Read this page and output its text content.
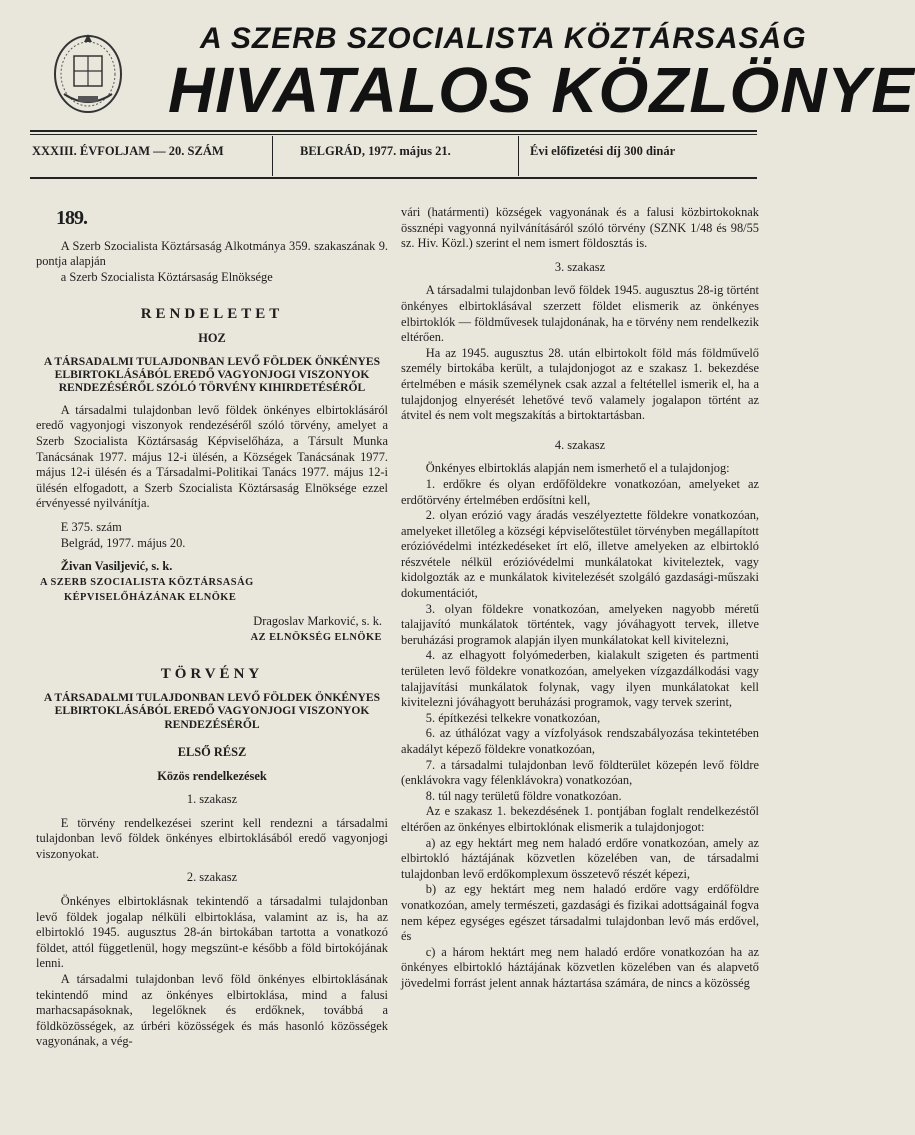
A SZERB SZOCIALISTA KÖZTÁRSASÁG
HIVATALOS KÖZLÖNYE
XXXIII. ÉVFOLJAM — 20. SZÁM	BELGRÁD, 1977. május 21.	Évi előfizetési díj 300 dinár
189.

A Szerb Szocialista Köztársaság Alkotmánya 359. szakaszának 9. pontja alapján

a Szerb Szocialista Köztársaság Elnöksége

RENDELETET

HOZ

A TÁRSADALMI TULAJDONBAN LEVŐ FÖLDEK ÖNKÉNYES ELBIRTOKLÁSÁBÓL EREDŐ VAGYONJOGI VISZONYOK RENDEZÉSÉRŐL SZÓLÓ TÖRVÉNY KIHIRDETÉSÉRŐL

A társadalmi tulajdonban levő földek önkényes elbirtoklásáról eredő vagyonjogi viszonyok rendezéséről szóló törvény, amelyet a Szerb Szocialista Köztársaság Képviselőháza, a Társult Munka Tanácsának 1977. május 12-i ülésén, a Községek Tanácsának 1977. május 12-i ülésén és a Társadalmi-Politikai Tanács 1977. május 12-i ülésén elfogadott, a Szerb Szocialista Köztársaság Elnöksége ezzel érvényessé nyilvánítja.

E 375. szám

Belgrád, 1977. május 20.

Živan Vasiljević, s. k.

A SZERB SZOCIALISTA KÖZTÁRSASÁG

KÉPVISELŐHÁZÁNAK ELNÖKE

Dragoslav Marković, s. k.

AZ ELNÖKSÉG ELNÖKE

TÖRVÉNY

A TÁRSADALMI TULAJDONBAN LEVŐ FÖLDEK ÖNKÉNYES ELBIRTOKLÁSÁBÓL EREDŐ VAGYONJOGI VISZONYOK RENDEZÉSÉRŐL

ELSŐ RÉSZ

Közös rendelkezések

1. szakasz

E törvény rendelkezései szerint kell rendezni a társadalmi tulajdonban levő földek önkényes elbirtoklásából eredő vagyonjogi viszonyokat.

2. szakasz

Önkényes elbirtoklásnak tekintendő a társadalmi tulajdonban levő földek jogalap nélküli elbirtoklása, valamint az is, ha az elbirtokló 1945. augusztus 28-án birtokában tartotta a vonatkozó földet, attól függetlenül, hogy megszünt-e később a föld birtokójának lenni.

A társadalmi tulajdonban levő föld önkényes elbirtoklásának tekintendő mind az önkényes elbirtoklása, mind a falusi marhacsapásoknak, legelőknek és erdőknek, továbbá a földközösségek, az úrbéri közösségek és más hasonló közösségek vagyonának, a vég-

vári (határmenti) községek vagyonának és a falusi közbirtokoknak össznépi vagyonná nyilvánításáról szóló törvény (SZNK 1/48 és 98/55 sz. Hiv. Közl.) szerint el nem ismert földosztás is.

3. szakasz

A társadalmi tulajdonban levő földek 1945. augusztus 28-ig történt önkényes elbirtoklásával szerzett földet elismerik az önkényes elbirtoklók — földművesek tulajdonának, ha e törvény nem rendelkezik eltérően.

Ha az 1945. augusztus 28. után elbirtokolt föld más földművelő személy birtokába került, a tulajdonjogot az e szakasz 1. bekezdése értelmében e másik személynek csak azzal a feltétellel ismerik el, ha a tulajdonjog elnyerését lehetővé tevő valamely jogalapon történt az átvitel és nem volt megszakítás a birtoktartásban.

4. szakasz

Önkényes elbirtoklás alapján nem ismerhető el a tulajdonjog:

1. erdőkre és olyan erdőföldekre vonatkozóan, amelyeket az erdőtörvény értelmében erdősítni kell,

2. olyan erózió vagy áradás veszélyeztette földekre vonatkozóan, amelyeket illetőleg a községi képviselőtestület törvényben megállapított erózióvédelmi intézkedéseket írt elő, illetve amelyeken az elbirtokló részvétele nélkül erózióvédelmi munkálatokat kiviteleztek, vagy kidolgozták az e munkálatok kivitelezését szolgáló gazdasági-műszaki dokumentációt,

3. olyan földekre vonatkozóan, amelyeken nagyobb méretű talajjavító munkálatok történtek, vagy jóváhagyott tervek, illetve beruházási programok alapján ilyen munkálatokat kell kivitelezni,

4. az elhagyott folyómederben, kialakult szigeten és partmenti területen levő földekre vonatkozóan, amelyeken vízgazdálkodási vagy talajjavítási munkálatok folynak, vagy ilyen munkálatokat kell kivitelezni jóváhagyott beruházási programok, vagy tervek szerint,

5. építkezési telkekre vonatkozóan,

6. az úthálózat vagy a vízfolyások rendszabályozása tekintetében akadályt képező földekre vonatkozóan,

7. a társadalmi tulajdonban levő földterület közepén levő földre (enklávokra vagy félenklávokra) vonatkozóan,

8. túl nagy területű földre vonatkozóan.

Az e szakasz 1. bekezdésének 1. pontjában foglalt rendelkezéstől eltérően az önkényes elbirtoklónak elismerik a tulajdonjogot:

a) az egy hektárt meg nem haladó erdőre vonatkozóan, amely az elbirtokló háztájának közvetlen közelében van, de társadalmi tulajdonban levő erdőkomplexum összetevő részét képezi,

b) az egy hektárt meg nem haladó erdőre vagy erdőföldre vonatkozóan, amely természeti, gazdasági és fizikai adottságainál fogva nem képez egységes egészet társadalmi tulajdonban levő más erdővel, és

c) a három hektárt meg nem haladó erdőre vonatkozóan ha az önkényes elbirtokló háztájának közvetlen közelében van és alapvető jövedelmi forrást jelent annak háztartása számára, de nincs a közösség
